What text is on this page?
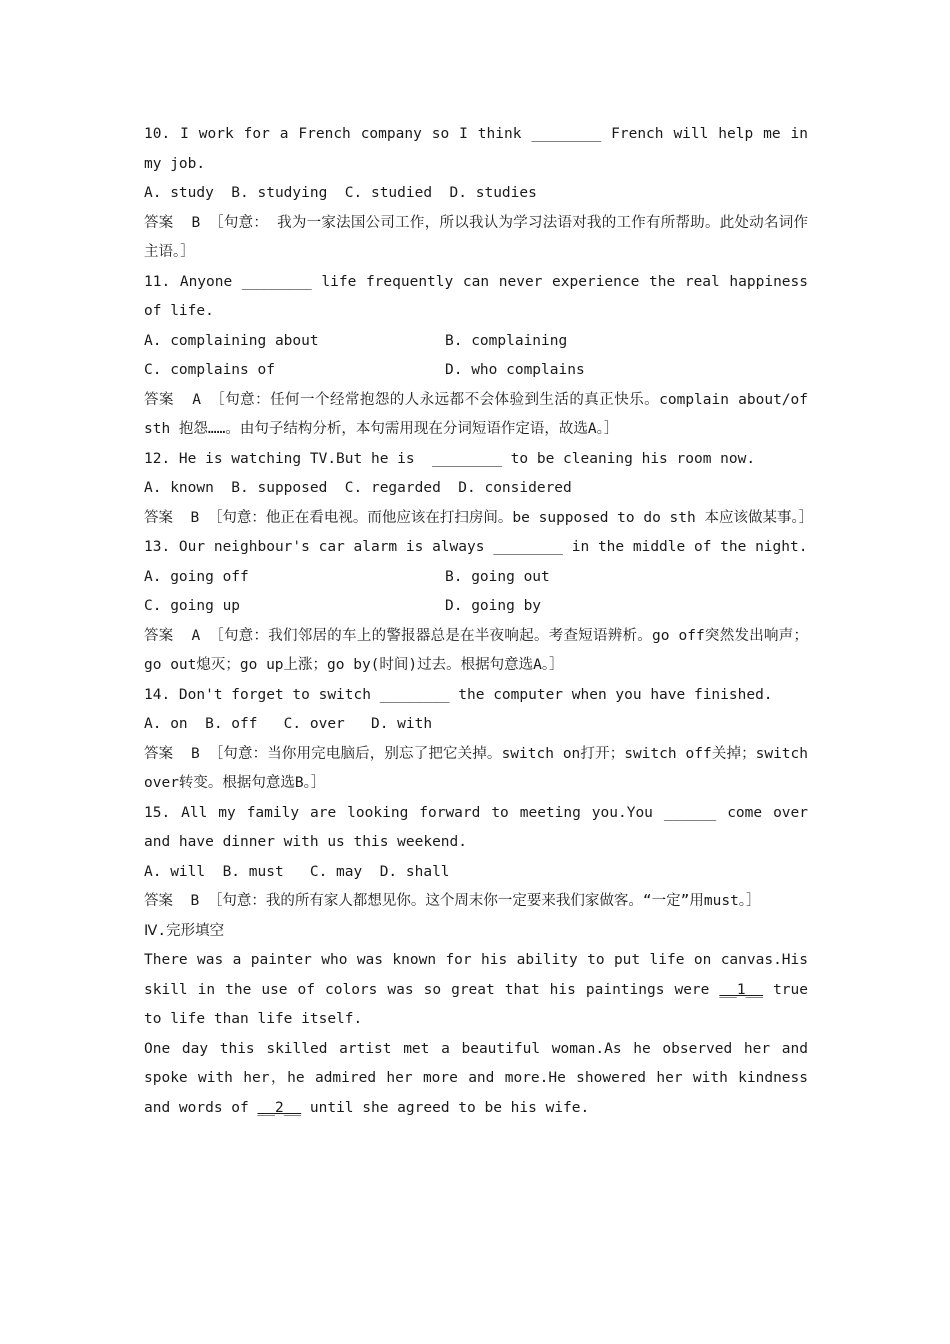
10. I work for a French company so I think ________ French will help me in my job.
A. study  B. studying  C. studied  D. studies
答案  B ［句意： 我为一家法国公司工作，所以我认为学习法语对我的工作有所帮助。此处动名词作主语。］
11. Anyone ________ life frequently can never experience the real happiness of life.
A. complaining about	B. complaining
C. complains of	D. who complains
答案  A ［句意：任何一个经常抱怨的人永远都不会体验到生活的真正快乐。complain about/of sth 抱怨……。由句子结构分析，本句需用现在分词短语作定语，故选A。］
12. He is watching TV.But he is  ________ to be cleaning his room now.
A. known  B. supposed  C. regarded  D. considered
答案  B ［句意：他正在看电视。而他应该在打扫房间。be supposed to do sth 本应该做某事。］
13. Our neighbour's car alarm is always ________ in the middle of the night.
A. going off	B. going out
C. going up	D. going by
答案  A ［句意：我们邻居的车上的警报器总是在半夜响起。考查短语辨析。go off突然发出响声；go out熄灭；go up上涨；go by(时间)过去。根据句意选A。］
14. Don't forget to switch ________ the computer when you have finished.
A. on  B. off   C. over   D. with
答案  B ［句意：当你用完电脑后，别忘了把它关掉。switch on打开；switch off关掉；switch over转变。根据句意选B。］
15. All my family are looking forward to meeting you.You ______ come over and have dinner with us this weekend.
A. will  B. must   C. may  D. shall
答案  B ［句意：我的所有家人都想见你。这个周末你一定要来我们家做客。“一定”用must。］
Ⅳ.完形填空
There was a painter who was known for his ability to put life on canvas.His skill in the use of colors was so great that his paintings were __1__ true to life than life itself.
One day this skilled artist met a beautiful woman.As he observed her and spoke with her，he admired her more and more.He showered her with kindness and words of __2__ until she agreed to be his wife.
